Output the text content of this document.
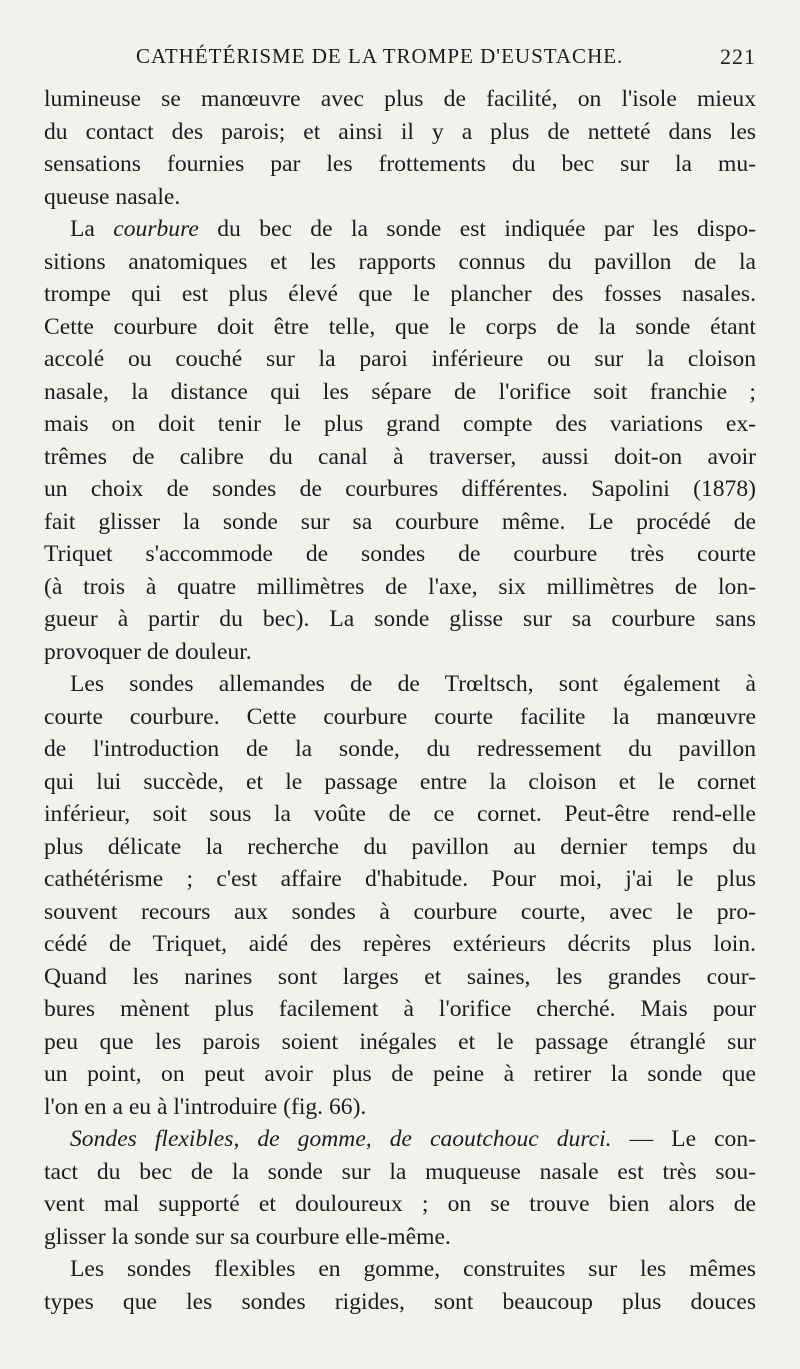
CATHÉTÉRISME DE LA TROMPE D'EUSTACHE.	221
lumineuse se manœuvre avec plus de facilité, on l'isole mieux
du contact des parois; et ainsi il y a plus de netteté dans les
sensations fournies par les frottements du bec sur la mu-
queuse nasale.
La courbure du bec de la sonde est indiquée par les dispo-
sitions anatomiques et les rapports connus du pavillon de la
trompe qui est plus élevé que le plancher des fosses nasales.
Cette courbure doit être telle, que le corps de la sonde étant
accolé ou couché sur la paroi inférieure ou sur la cloison
nasale, la distance qui les sépare de l'orifice soit franchie ;
mais on doit tenir le plus grand compte des variations ex-
trêmes de calibre du canal à traverser, aussi doit-on avoir
un choix de sondes de courbures différentes. Sapolini (1878)
fait glisser la sonde sur sa courbure même. Le procédé de
Triquet s'accommode de sondes de courbure très courte
(à trois à quatre millimètres de l'axe, six millimètres de lon-
gueur à partir du bec). La sonde glisse sur sa courbure sans
provoquer de douleur.
Les sondes allemandes de de Trœltsch, sont également à
courte courbure. Cette courbure courte facilite la manœuvre
de l'introduction de la sonde, du redressement du pavillon
qui lui succède, et le passage entre la cloison et le cornet
inférieur, soit sous la voûte de ce cornet. Peut-être rend-elle
plus délicate la recherche du pavillon au dernier temps du
cathétérisme ; c'est affaire d'habitude. Pour moi, j'ai le plus
souvent recours aux sondes à courbure courte, avec le pro-
cédé de Triquet, aidé des repères extérieurs décrits plus loin.
Quand les narines sont larges et saines, les grandes cour-
bures mènent plus facilement à l'orifice cherché. Mais pour
peu que les parois soient inégales et le passage étranglé sur
un point, on peut avoir plus de peine à retirer la sonde que
l'on en a eu à l'introduire (fig. 66).
Sondes flexibles, de gomme, de caoutchouc durci. — Le con-
tact du bec de la sonde sur la muqueuse nasale est très sou-
vent mal supporté et douloureux ; on se trouve bien alors de
glisser la sonde sur sa courbure elle-même.
Les sondes flexibles en gomme, construites sur les mêmes
types que les sondes rigides, sont beaucoup plus douces
